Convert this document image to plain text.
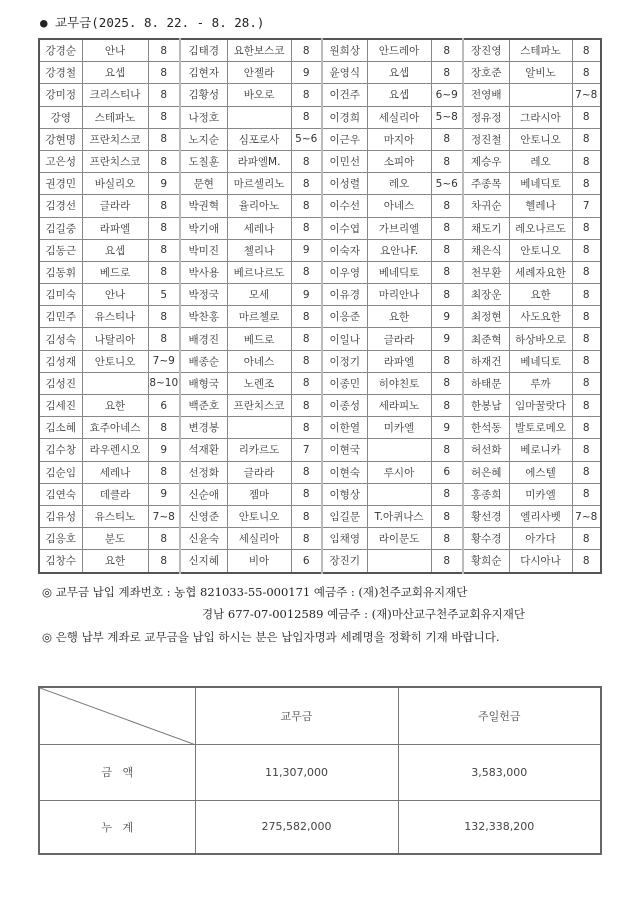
● 교무금(2025. 8. 22. - 8. 28.)
강경순	안나	8	김태경	요한보스코	8	원희상	안드레아	8	장진영	스테파노	8
강경철	요셉	8	김현자	안젤라	9	윤영식	요셉	8	장호준	알비노	8
강미정	크리스티나	8	김황성	바오로	8	이건주	요셉	6~9	전영배		7~8
강영	스테파노	8	나정호		8	이경희	세실리아	5~8	정유정	그라시아	8
강현명	프란치스코	8	노지순	심포로사	5~6	이근우	마지아	8	정진철	안토니오	8
고은성	프란치스코	8	도칠훈	라파엘M.	8	이민선	소피아	8	제승우	레오	8
권경민	바실리오	9	문현	마르셀리노	8	이성렬	레오	5~6	주종목	베네딕토	8
김경선	글라라	8	박권혁	율리아노	8	이수선	아네스	8	차귀순	헬레나	7
김길중	라파엘	8	박기애	세레나	8	이수엽	가브리엘	8	채도기	레오나르도	8
김동근	요셉	8	박미진	첼리나	9	이숙자	요안나F.	8	채은식	안토니오	8
김동휘	베드로	8	박사용	베르나르도	8	이우영	베네딕토	8	천무환	세례자요한	8
김미숙	안나	5	박정국	모세	9	이유경	마리안나	8	최장운	요한	8
김민주	유스티나	8	박찬홍	마르첼로	8	이응준	요한	9	최정현	사도요한	8
김성숙	나탈리아	8	배경진	베드로	8	이일나	글라라	9	최준혁	하상바오로	8
김성재	안토니오	7~9	배종순	아네스	8	이정기	라파엘	8	하재건	베네딕토	8
김성진		8~10	배형국	노렌조	8	이종민	히야친토	8	하태문	루까	8
김세진	요한	6	백준호	프란치스코	8	이종성	세라피노	8	한봉남	임마꿀랏다	8
김소혜	효주아네스	8	변경봉		8	이한열	미카엘	9	한석동	발토로메오	8
김수창	라우렌시오	9	석재환	리카르도	7	이현국		8	허선화	베로니카	8
김순임	세레나	8	선정화	글라라	8	이현숙	루시아	6	허은혜	에스텔	8
김연숙	데클라	9	신순애	젬마	8	이형상		8	홍종희	미카엘	8
김유성	유스티노	7~8	신영준	안토니오	8	임길문	T.아퀴나스	8	황선경	엘리사벳	7~8
김응호	분도	8	신윤숙	세실리아	8	임채영	라이문도	8	황수경	아가다	8
김창수	요한	8	신지혜	비아	6	장진기		8	황희순	다시아나	8
◎ 교무금 납입 계좌번호 : 농협 821033-55-000171 예금주 : (재)천주교회유지재단
경남 677-07-0012589 예금주 : (재)마산교구천주교회유지재단
◎ 은행 납부 계좌로 교무금을 납입 하시는 분은 납입자명과 세례명을 정확히 기재 바랍니다.
	교무금	주일헌금
금   액	11,307,000	3,583,000
누   계	275,582,000	132,338,200
